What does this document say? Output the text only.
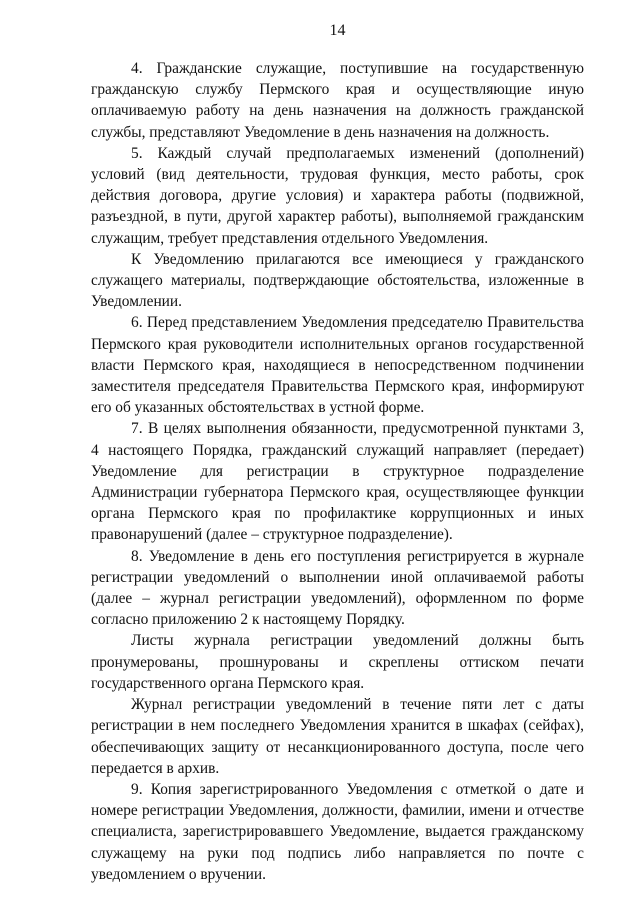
14

4. Гражданские служащие, поступившие на государственную гражданскую службу Пермского края и осуществляющие иную оплачиваемую работу на день назначения на должность гражданской службы, представляют Уведомление в день назначения на должность.

5. Каждый случай предполагаемых изменений (дополнений) условий (вид деятельности, трудовая функция, место работы, срок действия договора, другие условия) и характера работы (подвижной, разъездной, в пути, другой характер работы), выполняемой гражданским служащим, требует представления отдельного Уведомления.

К Уведомлению прилагаются все имеющиеся у гражданского служащего материалы, подтверждающие обстоятельства, изложенные в Уведомлении.

6. Перед представлением Уведомления председателю Правительства Пермского края руководители исполнительных органов государственной власти Пермского края, находящиеся в непосредственном подчинении заместителя председателя Правительства Пермского края, информируют его об указанных обстоятельствах в устной форме.

7. В целях выполнения обязанности, предусмотренной пунктами 3, 4 настоящего Порядка, гражданский служащий направляет (передает) Уведомление для регистрации в структурное подразделение Администрации губернатора Пермского края, осуществляющее функции органа Пермского края по профилактике коррупционных и иных правонарушений (далее – структурное подразделение).

8. Уведомление в день его поступления регистрируется в журнале регистрации уведомлений о выполнении иной оплачиваемой работы (далее – журнал регистрации уведомлений), оформленном по форме согласно приложению 2 к настоящему Порядку.

Листы журнала регистрации уведомлений должны быть пронумерованы, прошнурованы и скреплены оттиском печати государственного органа Пермского края.

Журнал регистрации уведомлений в течение пяти лет с даты регистрации в нем последнего Уведомления хранится в шкафах (сейфах), обеспечивающих защиту от несанкционированного доступа, после чего передается в архив.

9. Копия зарегистрированного Уведомления с отметкой о дате и номере регистрации Уведомления, должности, фамилии, имени и отчестве специалиста, зарегистрировавшего Уведомление, выдается гражданскому служащему на руки под подпись либо направляется по почте с уведомлением о вручении.
